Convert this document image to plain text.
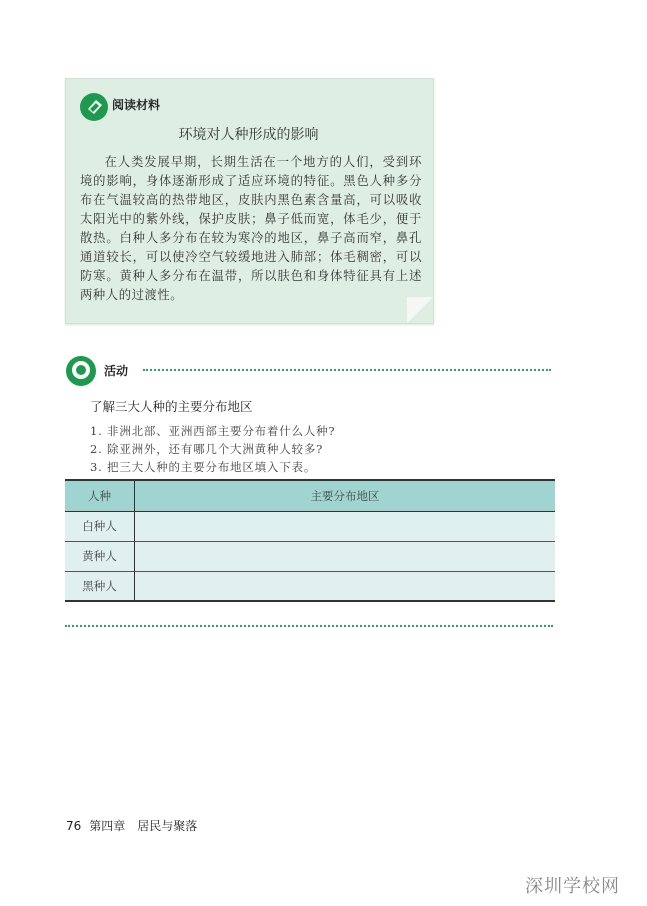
阅读材料
环境对人种形成的影响
在人类发展早期，长期生活在一个地方的人们，受到环境的影响，身体逐渐形成了适应环境的特征。黑色人种多分布在气温较高的热带地区，皮肤内黑色素含量高，可以吸收太阳光中的紫外线，保护皮肤；鼻子低而宽，体毛少，便于散热。白种人多分布在较为寒冷的地区，鼻子高而窄，鼻孔通道较长，可以使冷空气较缓地进入肺部；体毛稠密，可以防寒。黄种人多分布在温带，所以肤色和身体特征具有上述两种人的过渡性。
活动
了解三大人种的主要分布地区
1. 非洲北部、亚洲西部主要分布着什么人种?
2. 除亚洲外，还有哪几个大洲黄种人较多?
3. 把三大人种的主要分布地区填入下表。
人种	主要分布地区
白种人	
黄种人	
黑种人	
76 第四章　居民与聚落
深圳学校网
